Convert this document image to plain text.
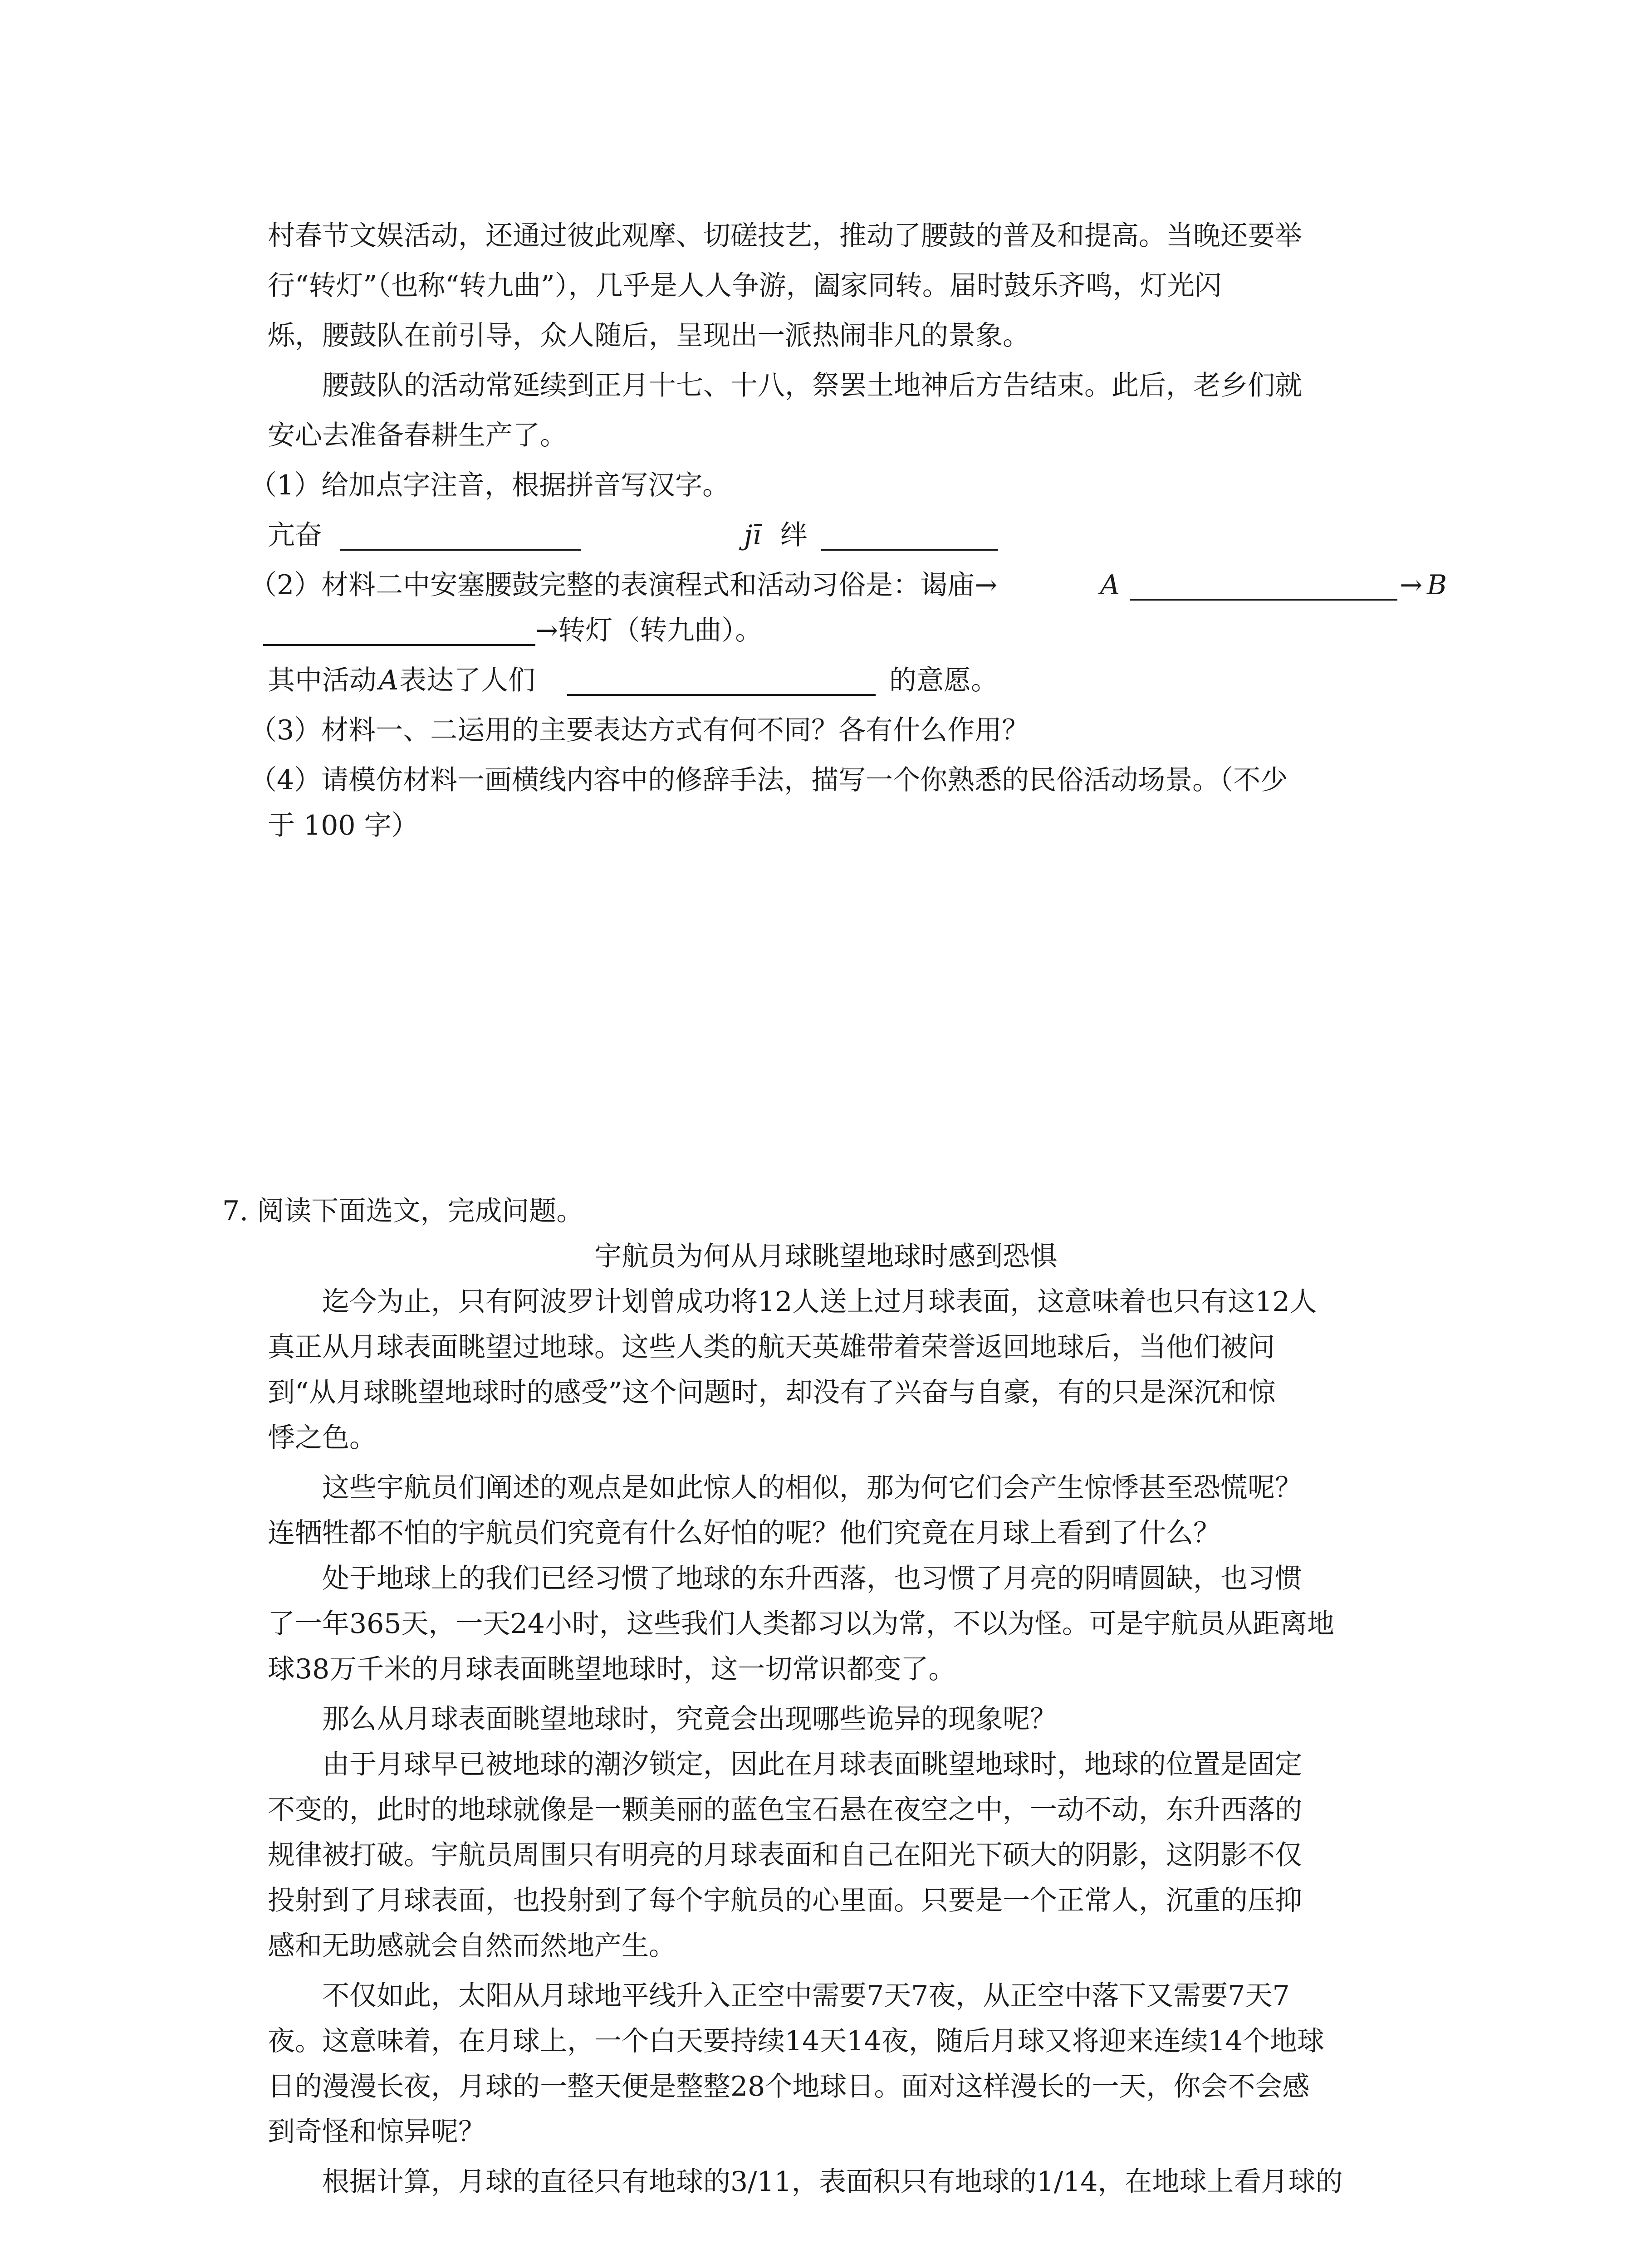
村春节文娱活动，还通过彼此观摩、切磋技艺，推动了腰鼓的普及和提高。当晚还要举
行“转灯”（也称“转九曲”），几乎是人人争游，阖家同转。届时鼓乐齐鸣，灯光闪
烁，腰鼓队在前引导，众人随后，呈现出一派热闹非凡的景象。
腰鼓队的活动常延续到正月十七、十八，祭罢土地神后方告结束。此后，老乡们就
安心去准备春耕生产了。
（1）给加点字注音，根据拼音写汉字。
亢奋	jī 绊
（2）材料二中安塞腰鼓完整的表演程式和活动习俗是：谒庙→	A	→ B
→转灯（转九曲）。
其中活动 A 表达了人们	的意愿。
（3）材料一、二运用的主要表达方式有何不同？各有什么作用？
（4）请模仿材料一画横线内容中的修辞手法，描写一个你熟悉的民俗活动场景。（不少
于 100 字）
7. 阅读下面选文，完成问题。
宇航员为何从月球眺望地球时感到恐惧
迄今为止，只有阿波罗计划曾成功将12人送上过月球表面，这意味着也只有这12人
真正从月球表面眺望过地球。这些人类的航天英雄带着荣誉返回地球后，当他们被问
到“从月球眺望地球时的感受”这个问题时，却没有了兴奋与自豪，有的只是深沉和惊
悸之色。
这些宇航员们阐述的观点是如此惊人的相似，那为何它们会产生惊悸甚至恐慌呢？
连牺牲都不怕的宇航员们究竟有什么好怕的呢？他们究竟在月球上看到了什么？
处于地球上的我们已经习惯了地球的东升西落，也习惯了月亮的阴晴圆缺，也习惯
了一年365天，一天24小时，这些我们人类都习以为常，不以为怪。可是宇航员从距离地
球38万千米的月球表面眺望地球时，这一切常识都变了。
那么从月球表面眺望地球时，究竟会出现哪些诡异的现象呢？
由于月球早已被地球的潮汐锁定，因此在月球表面眺望地球时，地球的位置是固定
不变的，此时的地球就像是一颗美丽的蓝色宝石悬在夜空之中，一动不动，东升西落的
规律被打破。宇航员周围只有明亮的月球表面和自己在阳光下硕大的阴影，这阴影不仅
投射到了月球表面，也投射到了每个宇航员的心里面。只要是一个正常人，沉重的压抑
感和无助感就会自然而然地产生。
不仅如此，太阳从月球地平线升入正空中需要7天7夜，从正空中落下又需要7天7
夜。这意味着，在月球上，一个白天要持续14天14夜，随后月球又将迎来连续14个地球
日的漫漫长夜，月球的一整天便是整整28个地球日。面对这样漫长的一天，你会不会感
到奇怪和惊异呢？
根据计算，月球的直径只有地球的3/11，表面积只有地球的1/14，在地球上看月球的
